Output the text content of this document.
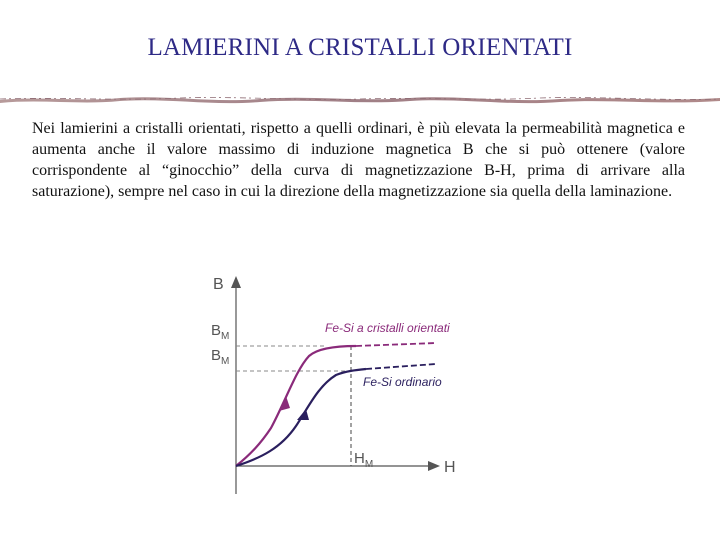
LAMIERINI A CRISTALLI ORIENTATI
Nei lamierini a cristalli orientati, rispetto a quelli ordinari, è più elevata la permeabilità magnetica e aumenta anche il valore massimo di induzione magnetica B che si può ottenere (valore corrispondente al “ginocchio” della curva di magnetizzazione B-H, prima di arrivare alla saturazione), sempre nel caso in cui la direzione della magnetizzazione sia quella della laminazione.
B
H
$B_M$
$B_M$
$H_M$
Fe-Si a cristalli orientati
Fe-Si ordinario
